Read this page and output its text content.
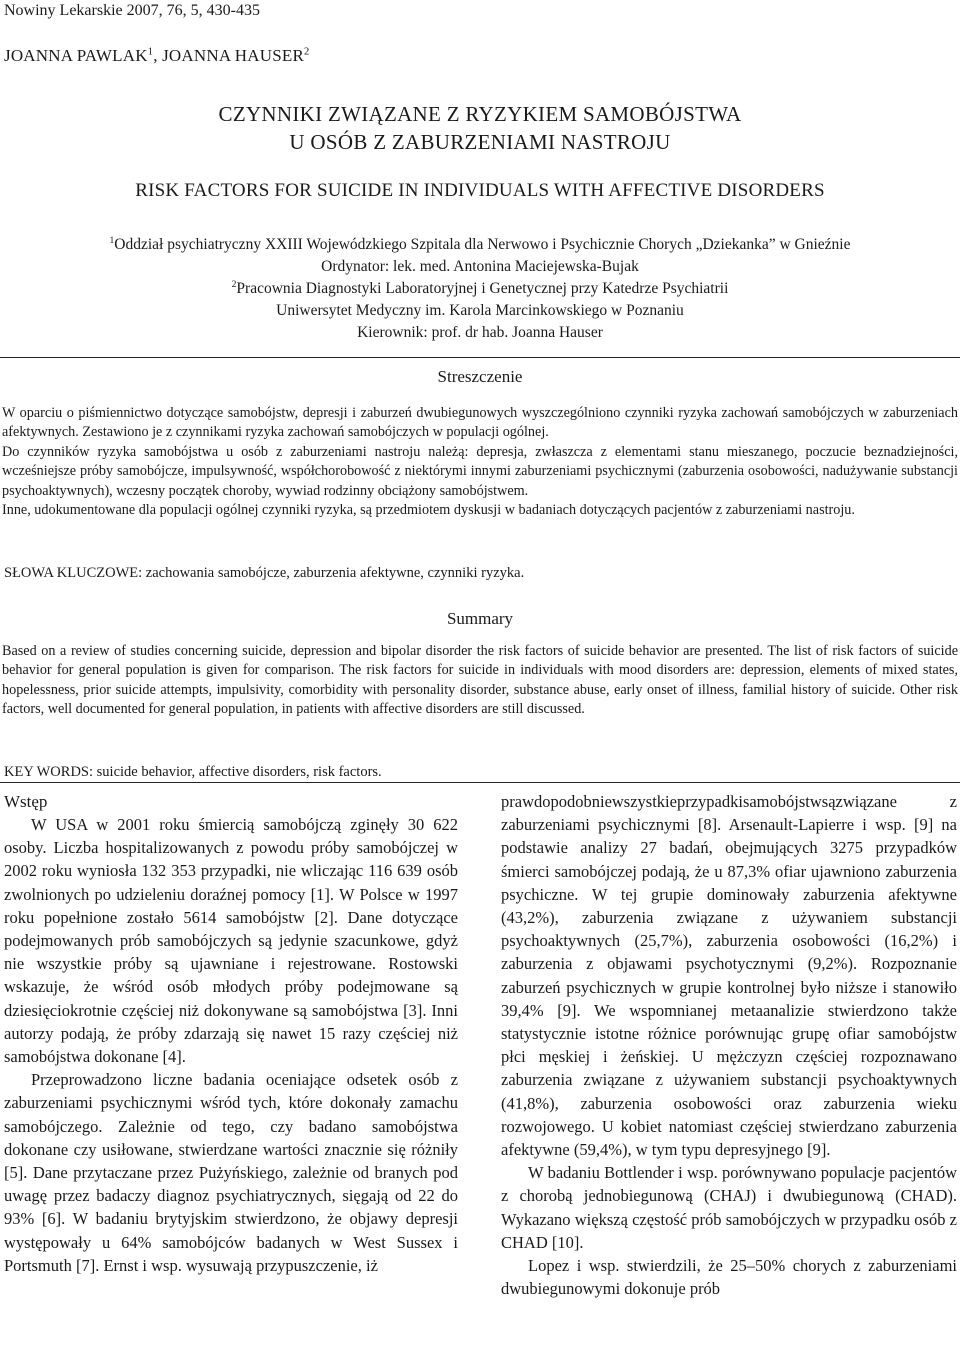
Nowiny Lekarskie 2007, 76, 5, 430-435
JOANNA PAWLAK$^1$, JOANNA HAUSER$^2$
CZYNNIKI ZWIĄZANE Z RYZYKIEM SAMOBÓJSTWA
U OSÓB Z ZABURZENIAMI NASTROJU
RISK FACTORS FOR SUICIDE IN INDIVIDUALS WITH AFFECTIVE DISORDERS

$^1$Oddział psychiatryczny XXIII Wojewódzkiego Szpitala dla Nerwowo i Psychicznie Chorych „Dziekanka” w Gnieźnie

Ordynator: lek. med. Antonina Maciejewska-Bujak

$^2$Pracownia Diagnostyki Laboratoryjnej i Genetycznej przy Katedrze Psychiatrii

Uniwersytet Medyczny im. Karola Marcinkowskiego w Poznaniu

Kierownik: prof. dr hab. Joanna Hauser

Streszczenie

W oparciu o piśmiennictwo dotyczące samobójstw, depresji i zaburzeń dwubiegunowych wyszczególniono czynniki ryzyka zachowań samobójczych w zaburzeniach afektywnych. Zestawiono je z czynnikami ryzyka zachowań samobójczych w populacji ogólnej.

Do czynników ryzyka samobójstwa u osób z zaburzeniami nastroju należą: depresja, zwłaszcza z elementami stanu mieszanego, poczucie beznadziejności, wcześniejsze próby samobójcze, impulsywność, współchorobowość z niektórymi innymi zaburzeniami psychicznymi (zaburzenia osobowości, nadużywanie substancji psychoaktywnych), wczesny początek choroby, wywiad rodzinny obciążony samobójstwem.

Inne, udokumentowane dla populacji ogólnej czynniki ryzyka, są przedmiotem dyskusji w badaniach dotyczących pacjentów z zaburzeniami nastroju.

SŁOWA KLUCZOWE: zachowania samobójcze, zaburzenia afektywne, czynniki ryzyka.
Summary

Based on a review of studies concerning suicide, depression and bipolar disorder the risk factors of suicide behavior are presented. The list of risk factors of suicide behavior for general population is given for comparison. The risk factors for suicide in individuals with mood disorders are: depression, elements of mixed states, hopelessness, prior suicide attempts, impulsivity, comorbidity with personality disorder, substance abuse, early onset of illness, familial history of suicide. Other risk factors, well documented for general population, in patients with affective disorders are still discussed.

KEY WORDS: suicide behavior, affective disorders, risk factors.

Wstęp

W USA w 2001 roku śmiercią samobójczą zginęły 30 622 osoby. Liczba hospitalizowanych z powodu próby samobójczej w 2002 roku wyniosła 132 353 przypadki, nie wliczając 116 639 osób zwolnionych po udzieleniu doraźnej pomocy [1]. W Polsce w 1997 roku popełnione zostało 5614 samobójstw [2]. Dane dotyczące podejmowanych prób samobójczych są jedynie szacunkowe, gdyż nie wszystkie próby są ujawniane i rejestrowane. Rostowski wskazuje, że wśród osób młodych próby podejmowane są dziesięciokrotnie częściej niż dokonywane są samobójstwa [3]. Inni autorzy podają, że próby zdarzają się nawet 15 razy częściej niż samobójstwa dokonane [4].

Przeprowadzono liczne badania oceniające odsetek osób z zaburzeniami psychicznymi wśród tych, które dokonały zamachu samobójczego. Zależnie od tego, czy badano samobójstwa dokonane czy usiłowane, stwierdzane wartości znacznie się różniły [5]. Dane przytaczane przez Pużyńskiego, zależnie od branych pod uwagę przez badaczy diagnoz psychiatrycznych, sięgają od 22 do 93% [6]. W badaniu brytyjskim stwierdzono, że objawy depresji występowały u 64% samobójców badanych w West Sussex i Portsmuth [7]. Ernst i wsp. wysuwają przypuszczenie, iż

prawdopodobniewszystkieprzypadkisamobójstwsązwiązane z zaburzeniami psychicznymi [8]. Arsenault-Lapierre i wsp. [9] na podstawie analizy 27 badań, obejmujących 3275 przypadków śmierci samobójczej podają, że u 87,3% ofiar ujawniono zaburzenia psychiczne. W tej grupie dominowały zaburzenia afektywne (43,2%), zaburzenia związane z używaniem substancji psychoaktywnych (25,7%), zaburzenia osobowości (16,2%) i zaburzenia z objawami psychotycznymi (9,2%). Rozpoznanie zaburzeń psychicznych w grupie kontrolnej było niższe i stanowiło 39,4% [9]. We wspomnianej metaanalizie stwierdzono także statystycznie istotne różnice porównując grupę ofiar samobójstw płci męskiej i żeńskiej. U mężczyzn częściej rozpoznawano zaburzenia związane z używaniem substancji psychoaktywnych (41,8%), zaburzenia osobowości oraz zaburzenia wieku rozwojowego. U kobiet natomiast częściej stwierdzano zaburzenia afektywne (59,4%), w tym typu depresyjnego [9].

W badaniu Bottlender i wsp. porównywano populacje pacjentów z chorobą jednobiegunową (CHAJ) i dwubiegunową (CHAD). Wykazano większą częstość prób samobójczych w przypadku osób z CHAD [10].

Lopez i wsp. stwierdzili, że 25–50% chorych z zaburzeniami dwubiegunowymi dokonuje prób
